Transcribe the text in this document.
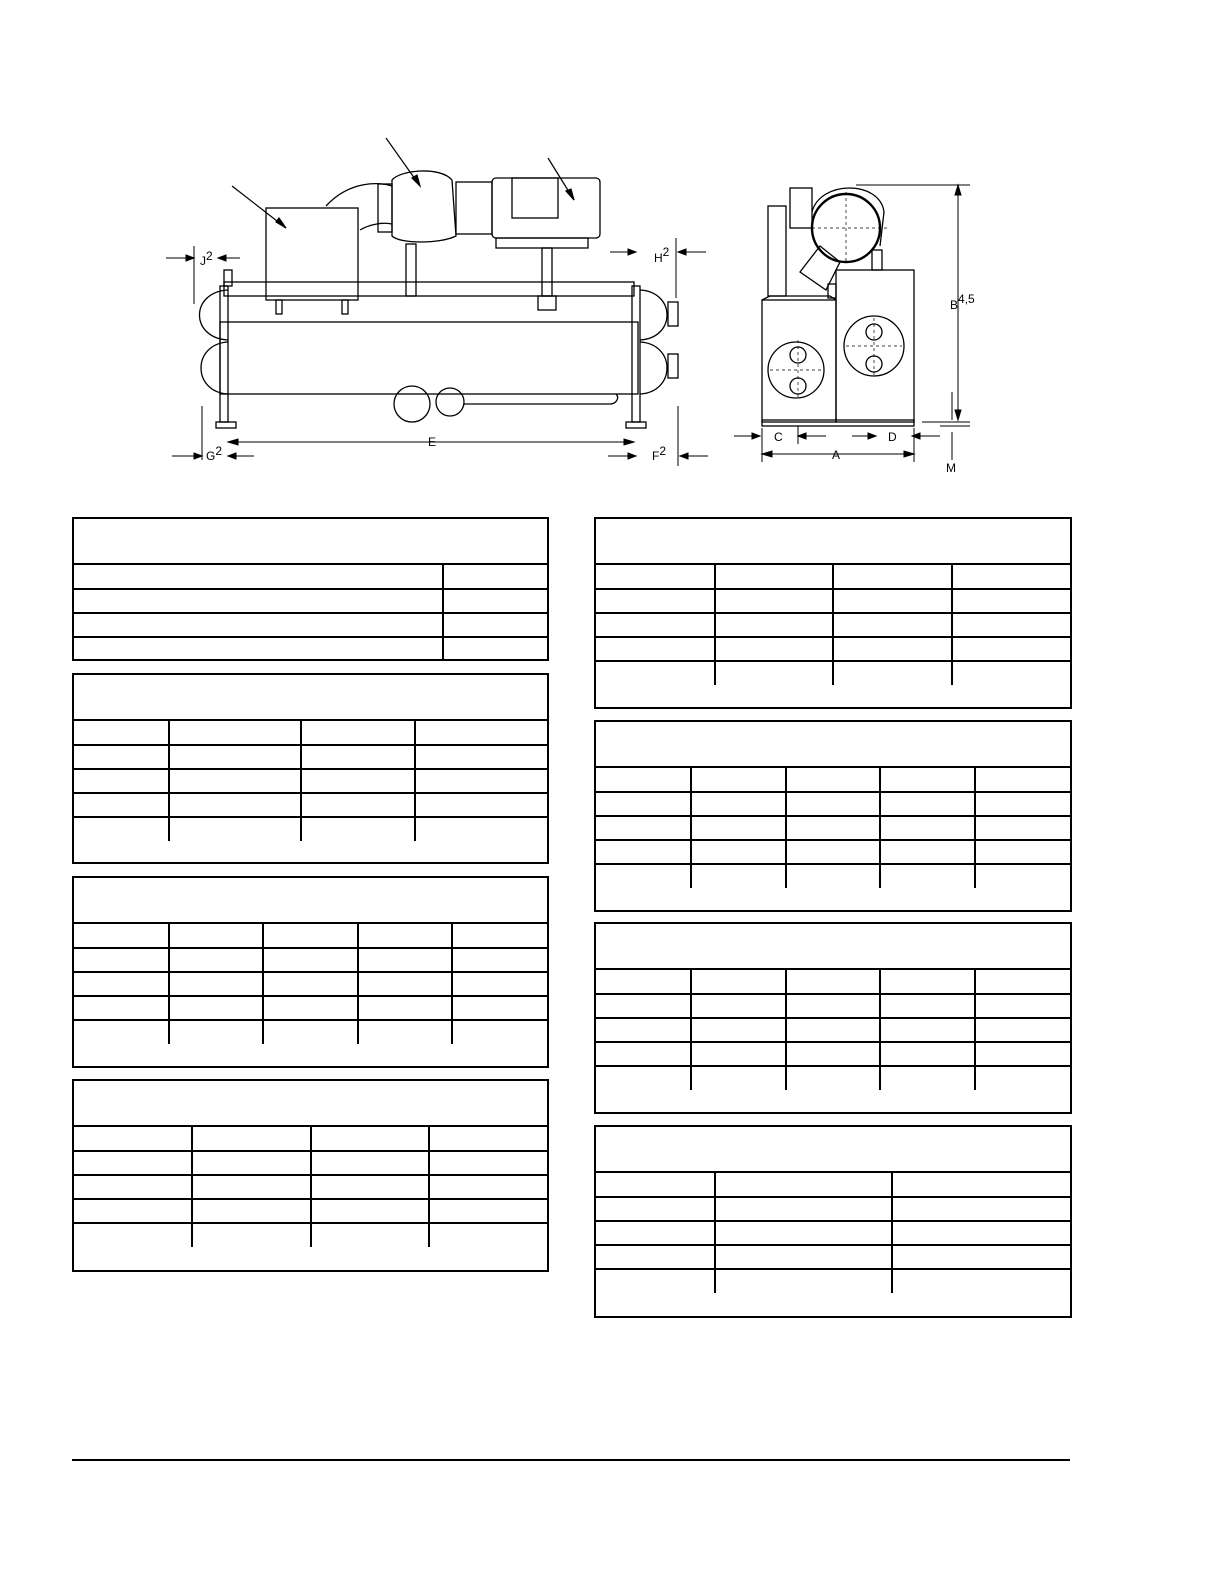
J2	H2
E
G2	F2
B4,5
C	D
A
M
